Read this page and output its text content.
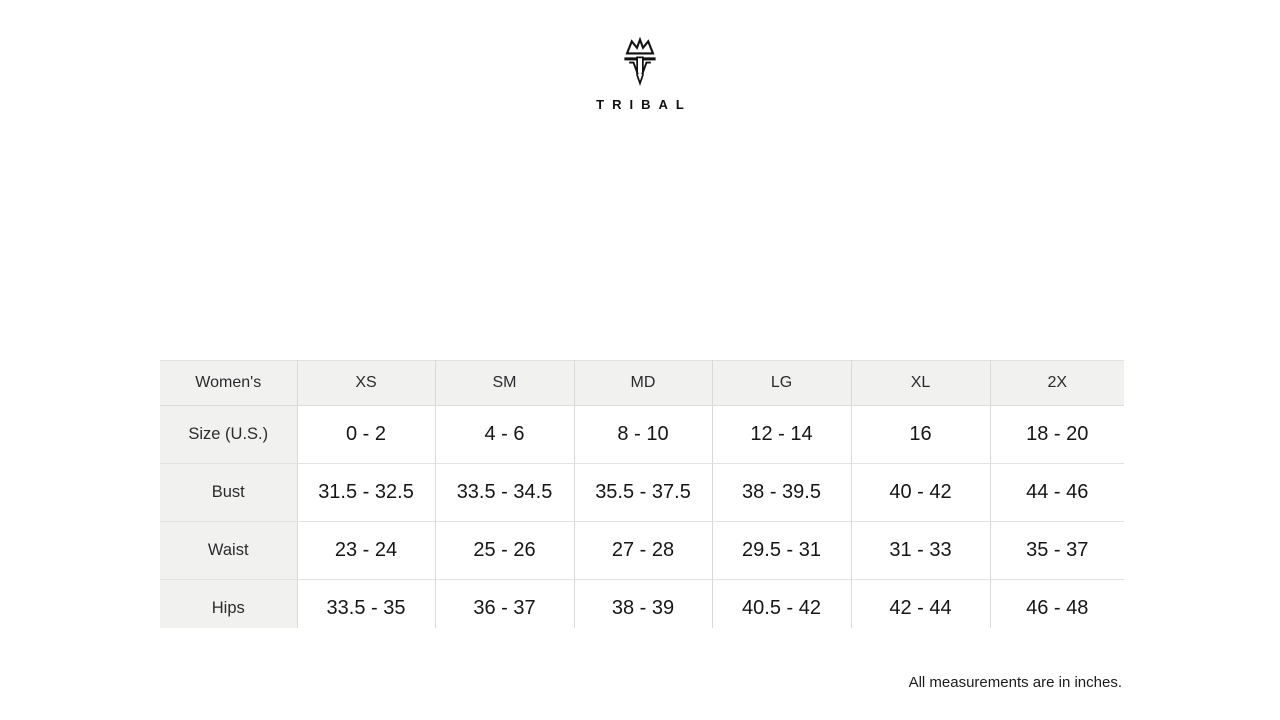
TRIBAL
Women's	XS	SM	MD	LG	XL	2X
Size (U.S.)	0 - 2	4 - 6	8 - 10	12 - 14	16	18 - 20
Bust	31.5 - 32.5	33.5 - 34.5	35.5 - 37.5	38 - 39.5	40 - 42	44 - 46
Waist	23 - 24	25 - 26	27 - 28	29.5 - 31	31 - 33	35 - 37
Hips	33.5 - 35	36 - 37	38 - 39	40.5 - 42	42 - 44	46 - 48
All measurements are in inches.
